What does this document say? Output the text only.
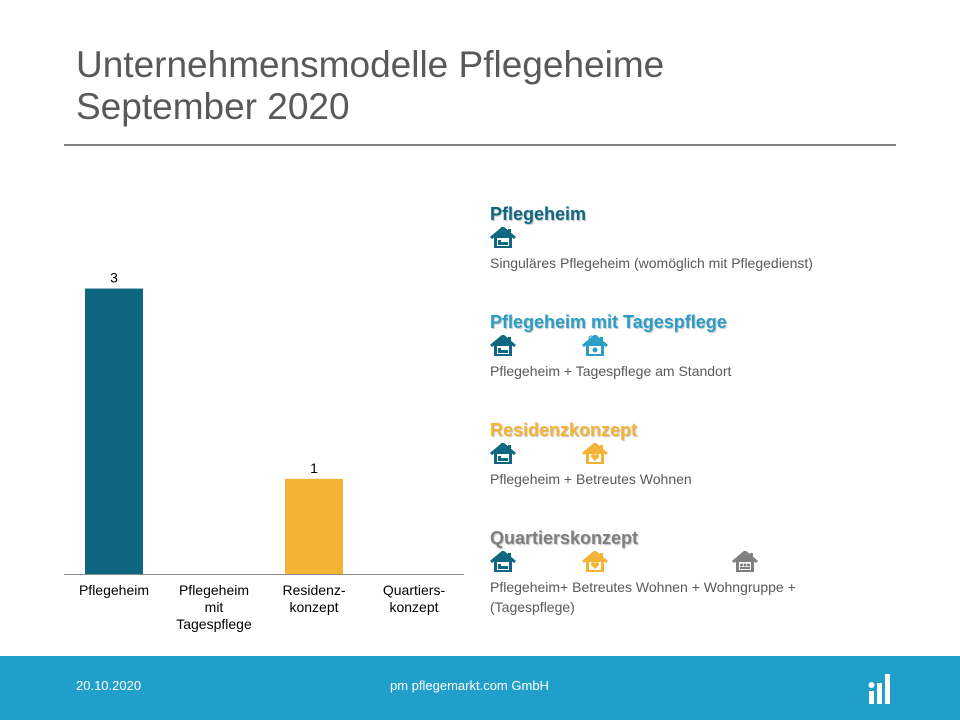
Unternehmensmodelle Pflegeheime
September 2020
3
Pflegeheim Pflegeheim
mit
Tagespflege
1
Residenz-
konzept
Quartiers-
konzept
Pflegeheim
Singuläres Pflegeheim (womöglich mit Pflegedienst)
Pflegeheim mit Tagespflege
Pflegeheim + Tagespflege am Standort
Residenzkonzept
Pflegeheim + Betreutes Wohnen
Quartierskonzept
Pflegeheim+ Betreutes Wohnen + Wohngruppe +
(Tagespflege)
20.10.2020	pm pflegemarkt.com GmbH
